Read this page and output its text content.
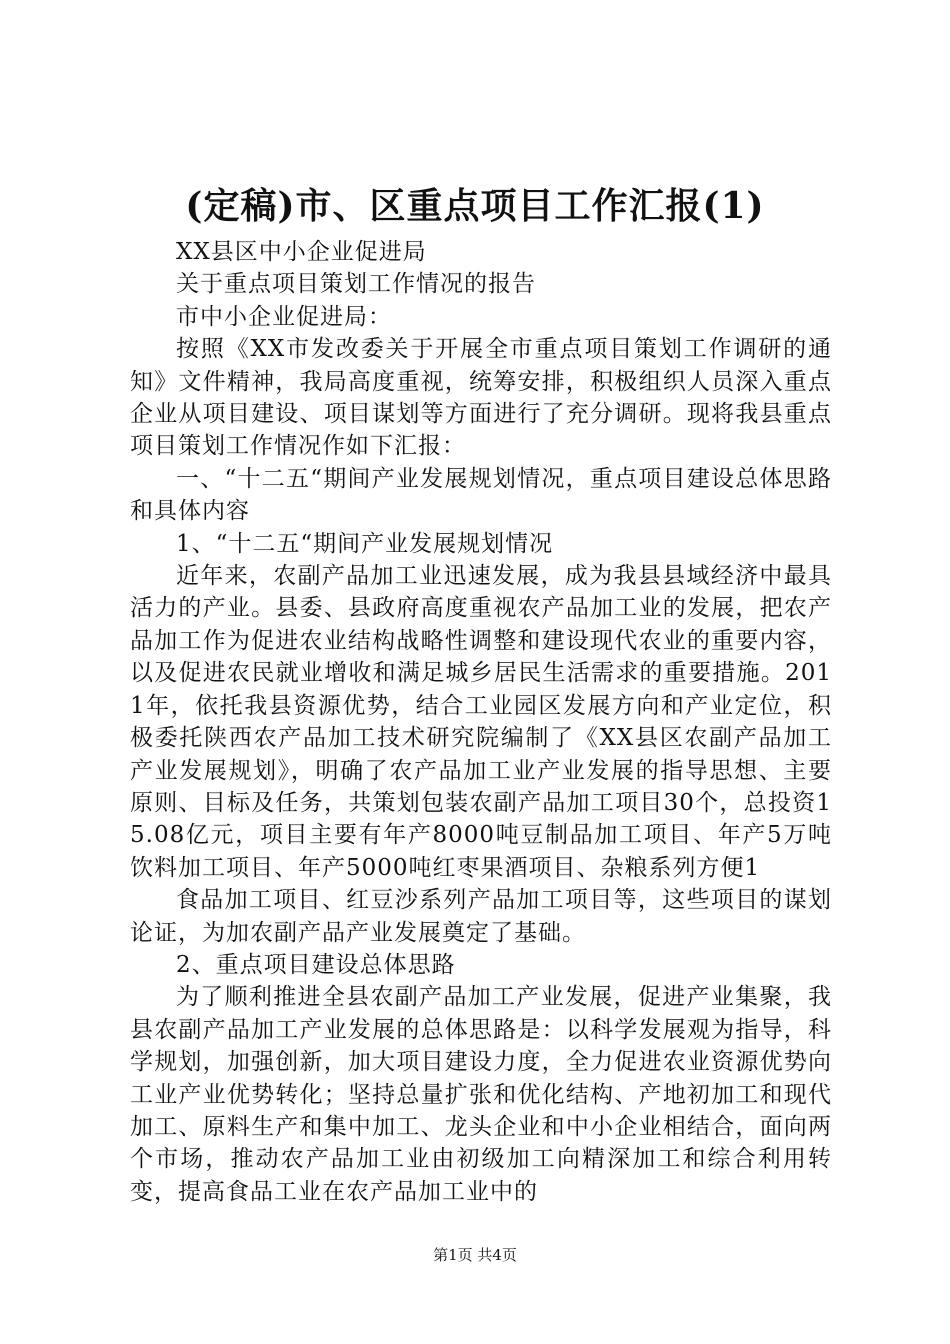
(定稿)市、区重点项目工作汇报(1)

XX县区中小企业促进局

关于重点项目策划工作情况的报告

市中小企业促进局：

按照《XX市发改委关于开展全市重点项目策划工作调研的通知》文件精神，我局高度重视，统筹安排，积极组织人员深入重点企业从项目建设、项目谋划等方面进行了充分调研。现将我县重点项目策划工作情况作如下汇报：

一、“十二五“期间产业发展规划情况，重点项目建设总体思路和具体内容

1、“十二五“期间产业发展规划情况

近年来，农副产品加工业迅速发展，成为我县县域经济中最具活力的产业。县委、县政府高度重视农产品加工业的发展，把农产品加工作为促进农业结构战略性调整和建设现代农业的重要内容，以及促进农民就业增收和满足城乡居民生活需求的重要措施。2011年，依托我县资源优势，结合工业园区发展方向和产业定位，积极委托陕西农产品加工技术研究院编制了《XX县区农副产品加工产业发展规划》，明确了农产品加工业产业发展的指导思想、主要原则、目标及任务，共策划包装农副产品加工项目30个，总投资15.08亿元，项目主要有年产8000吨豆制品加工项目、年产5万吨饮料加工项目、年产5000吨红枣果酒项目、杂粮系列方便1

食品加工项目、红豆沙系列产品加工项目等，这些项目的谋划论证，为加农副产品产业发展奠定了基础。

2、重点项目建设总体思路

为了顺利推进全县农副产品加工产业发展，促进产业集聚，我县农副产品加工产业发展的总体思路是：以科学发展观为指导，科学规划，加强创新，加大项目建设力度，全力促进农业资源优势向工业产业优势转化；坚持总量扩张和优化结构、产地初加工和现代加工、原料生产和集中加工、龙头企业和中小企业相结合，面向两个市场，推动农产品加工业由初级加工向精深加工和综合利用转变，提高食品工业在农产品加工业中的

第1页 共4页
